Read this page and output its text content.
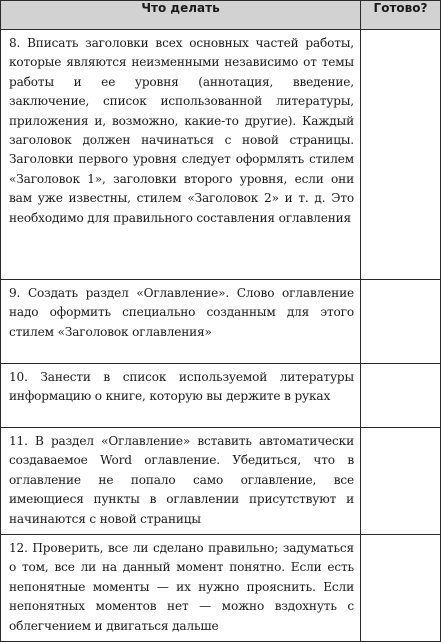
Что делать	Готово?
8. Вписать заголовки всех основных частей работы, которые являются неизменными независимо от темы работы и ее уровня (аннотация, введение, заключение, список использованной литературы, приложения и, возможно, какие-то другие). Каждый заголовок должен начинаться с новой страницы. Заголовки первого уровня следует оформлять стилем «Заголовок 1», заголовки второго уровня, если они вам уже известны, стилем «Заголовок 2» и т. д. Это необходимо для правильного составления оглавления	
9. Создать раздел «Оглавление». Слово оглавление надо оформить специально созданным для этого стилем «Заголовок оглавления»	
10. Занести в список используемой литературы информацию о книге, которую вы держите в руках	
11. В раздел «Оглавление» вставить автоматически создаваемое Word оглавление. Убедиться, что в оглавление не попало само оглавление, все имеющиеся пункты в оглавлении присутствуют и начинаются с новой страницы	
12. Проверить, все ли сделано правильно; задуматься о том, все ли на данный момент понятно. Если есть непонятные моменты — их нужно прояснить. Если непонятных моментов нет — можно вздохнуть с облегчением и двигаться дальше	
